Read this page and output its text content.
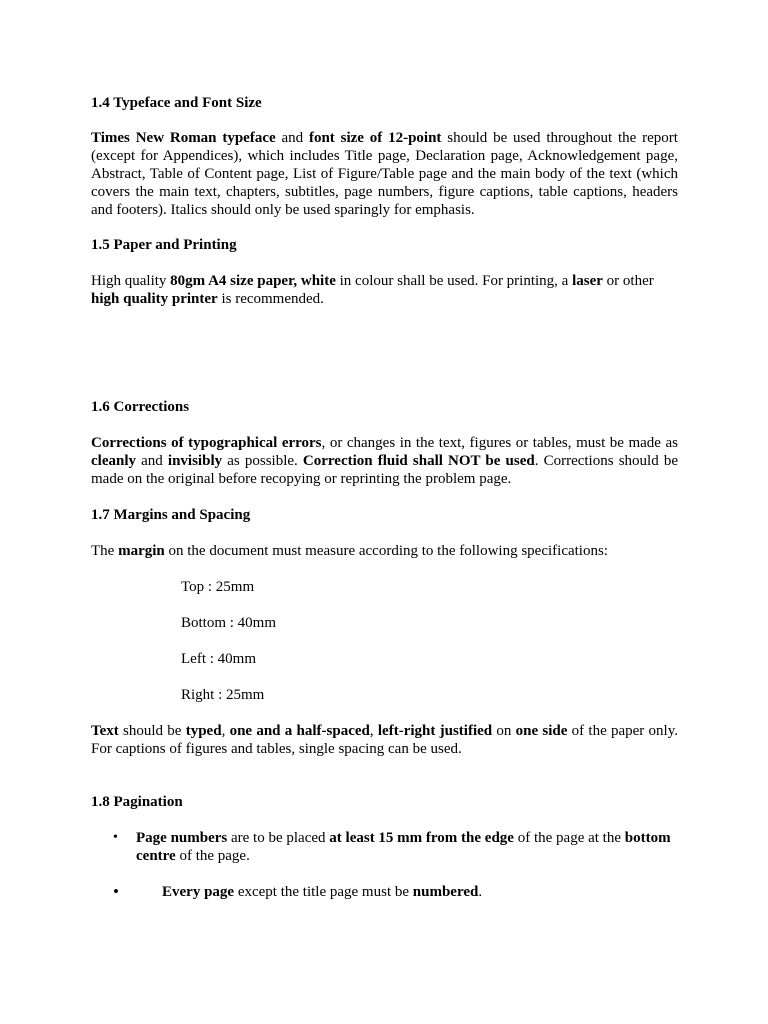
1.4 Typeface and Font Size

Times New Roman typeface and font size of 12-point should be used throughout the report (except for Appendices), which includes Title page, Declaration page, Acknowledgement page, Abstract, Table of Content page, List of Figure/Table page and the main body of the text (which covers the main text, chapters, subtitles, page numbers, figure captions, table captions, headers and footers). Italics should only be used sparingly for emphasis.

1.5 Paper and Printing

High quality 80gm A4 size paper, white in colour shall be used. For printing, a laser or other
high quality printer is recommended.

1.6 Corrections

Corrections of typographical errors, or changes in the text, figures or tables, must be made as cleanly and invisibly as possible. Correction fluid shall NOT be used. Corrections should be made on the original before recopying or reprinting the problem page.

1.7 Margins and Spacing

The margin on the document must measure according to the following specifications:

Top : 25mm

Bottom : 40mm

Left : 40mm

Right : 25mm

Text should be typed, one and a half-spaced, left-right justified on one side of the paper only. For captions of figures and tables, single spacing can be used.

1.8 Pagination
• Page numbers are to be placed at least 15 mm from the edge of the page at the bottom centre of the page.

•	Every page except the title page must be numbered.
